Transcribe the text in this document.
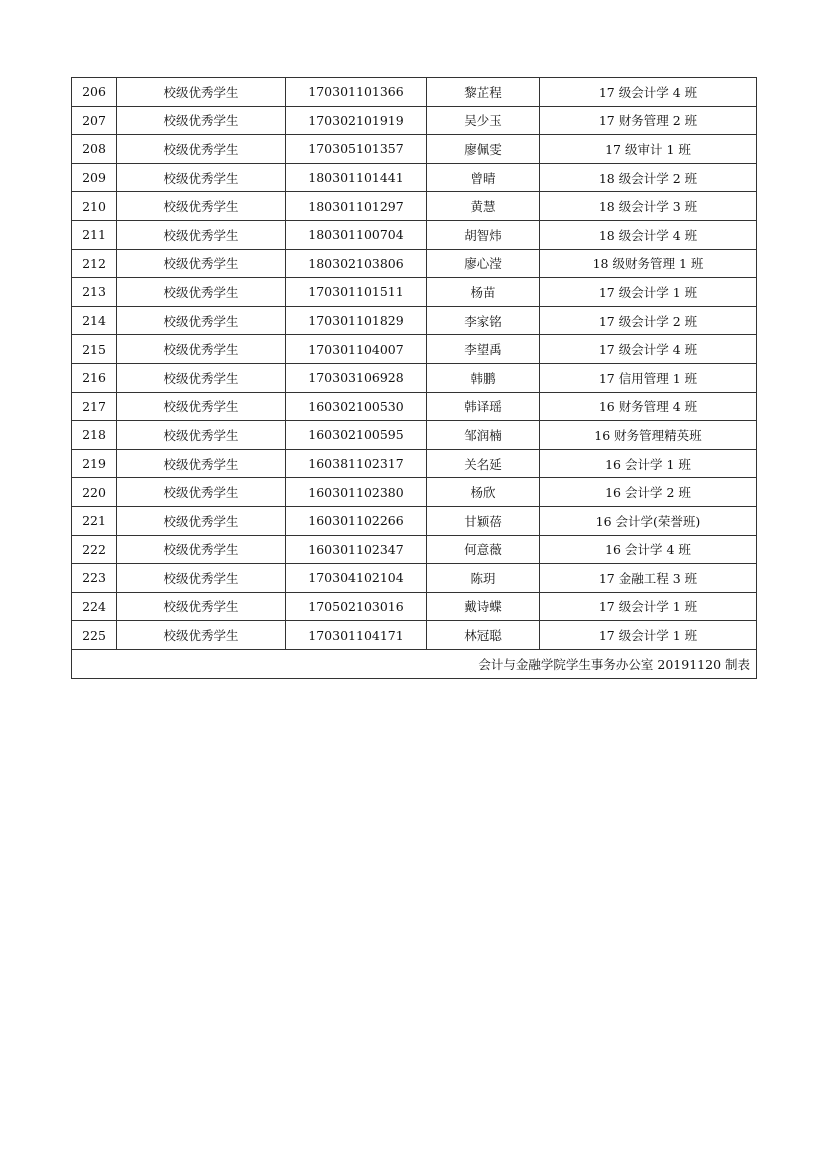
206	校级优秀学生	170301101366	黎芷程	17 级会计学 4 班
207	校级优秀学生	170302101919	吴少玉	17 财务管理 2 班
208	校级优秀学生	170305101357	廖佩雯	17 级审计 1 班
209	校级优秀学生	180301101441	曾晴	18 级会计学 2 班
210	校级优秀学生	180301101297	黄慧	18 级会计学 3 班
211	校级优秀学生	180301100704	胡智炜	18 级会计学 4 班
212	校级优秀学生	180302103806	廖心滢	18 级财务管理 1 班
213	校级优秀学生	170301101511	杨苗	17 级会计学 1 班
214	校级优秀学生	170301101829	李家铭	17 级会计学 2 班
215	校级优秀学生	170301104007	李望禹	17 级会计学 4 班
216	校级优秀学生	170303106928	韩鹏	17 信用管理 1 班
217	校级优秀学生	160302100530	韩译瑶	16 财务管理 4 班
218	校级优秀学生	160302100595	邹润楠	16 财务管理精英班
219	校级优秀学生	160381102317	关名延	16 会计学 1 班
220	校级优秀学生	160301102380	杨欣	16 会计学 2 班
221	校级优秀学生	160301102266	甘颖蓓	16 会计学(荣誉班)
222	校级优秀学生	160301102347	何意薇	16 会计学 4 班
223	校级优秀学生	170304102104	陈玥	17 金融工程 3 班
224	校级优秀学生	170502103016	戴诗蝶	17 级会计学 1 班
225	校级优秀学生	170301104171	林冠聪	17 级会计学 1 班
会计与金融学院学生事务办公室 20191120 制表				
